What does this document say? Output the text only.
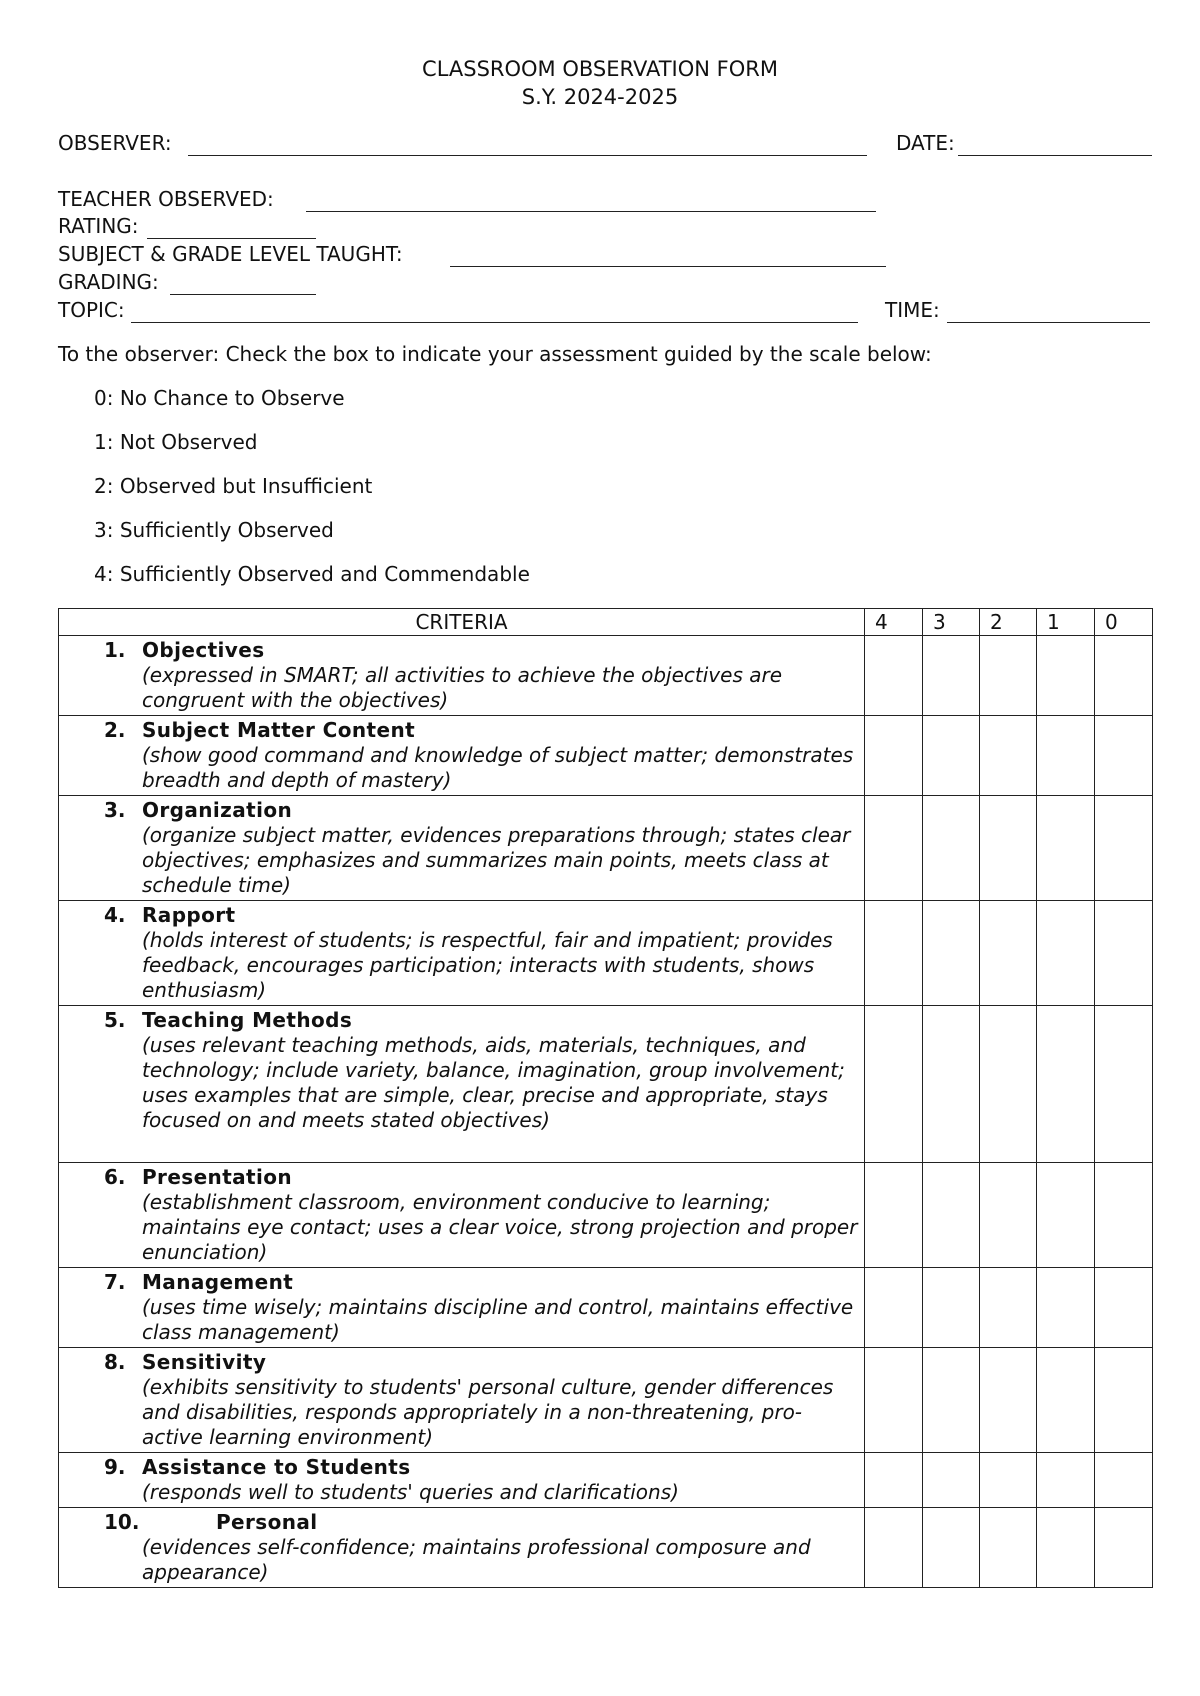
CLASSROOM OBSERVATION FORM
S.Y. 2024-2025
OBSERVER:	DATE:
TEACHER OBSERVED:
RATING:
SUBJECT & GRADE LEVEL TAUGHT:
GRADING:
TOPIC:	TIME:
To the observer: Check the box to indicate your assessment guided by the scale below:
0: No Chance to Observe
1: Not Observed
2: Observed but Insufficient
3: Sufficiently Observed
4: Sufficiently Observed and Commendable
CRITERIA	4	3	2	1	0

1. Objectives
(expressed in SMART; all activities to achieve the objectives are congruent with the objectives)					

2. Subject Matter Content
(show good command and knowledge of subject matter; demonstrates breadth and depth of mastery)					

3. Organization
(organize subject matter, evidences preparations through; states clear objectives; emphasizes and summarizes main points, meets class at schedule time)					

4. Rapport
(holds interest of students; is respectful, fair and impatient; provides feedback, encourages participation; interacts with students, shows enthusiasm)					

5. Teaching Methods
(uses relevant teaching methods, aids, materials, techniques, and technology; include variety, balance, imagination, group involvement; uses examples that are simple, clear, precise and appropriate, stays focused on and meets stated objectives)					

6. Presentation
(establishment classroom, environment conducive to learning; maintains eye contact; uses a clear voice, strong projection and proper enunciation)					

7. Management
(uses time wisely; maintains discipline and control, maintains effective class management)					

8. Sensitivity
(exhibits sensitivity to students' personal culture, gender differences and disabilities, responds appropriately in a non-threatening, pro-active learning environment)					

9. Assistance to Students
(responds well to students' queries and clarifications)					

10. Personal
(evidences self-confidence; maintains professional composure and appearance)					
